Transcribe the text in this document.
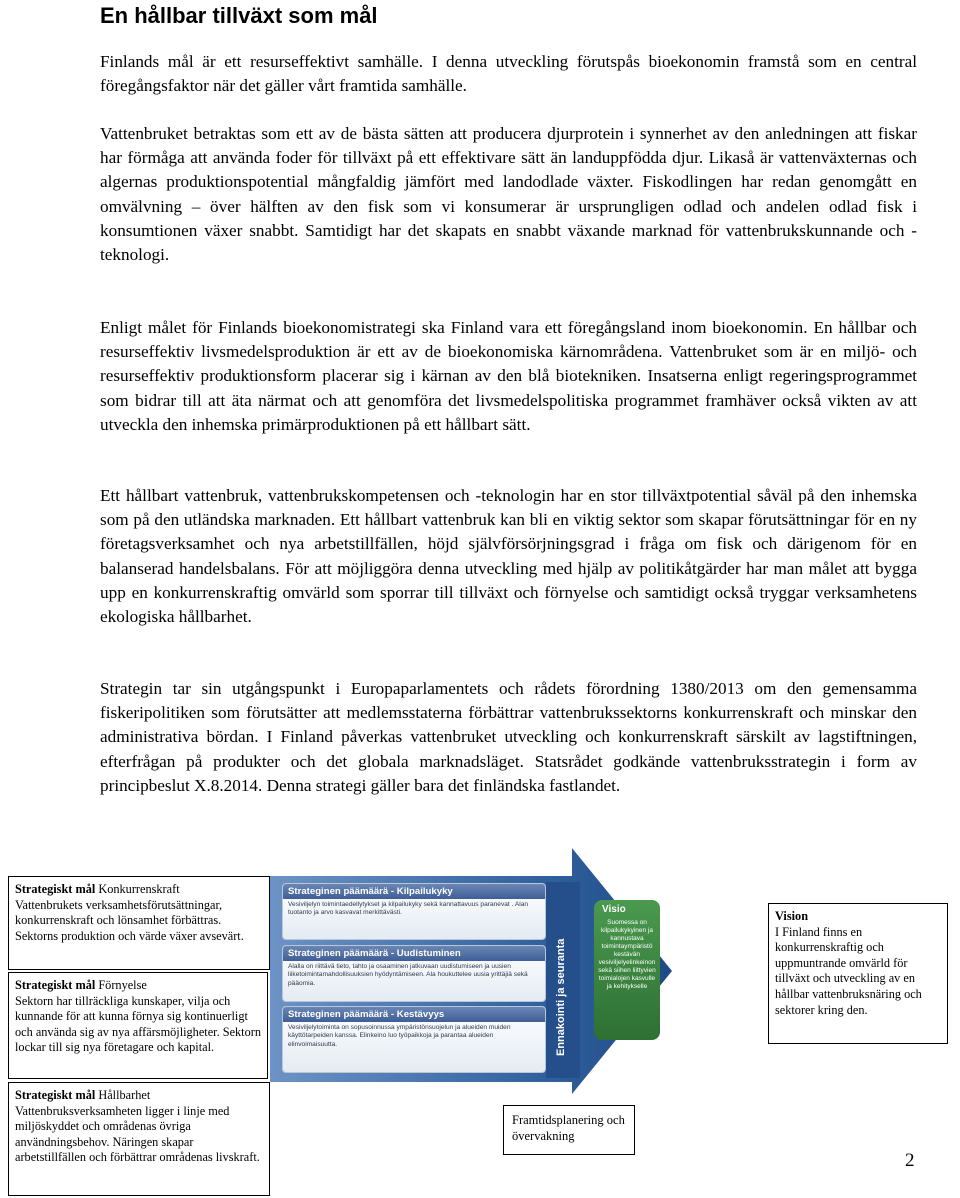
En hållbar tillväxt som mål

Finlands mål är ett resurseffektivt samhälle. I denna utveckling förutspås bioekonomin framstå som en central föregångsfaktor när det gäller vårt framtida samhälle.

Vattenbruket betraktas som ett av de bästa sätten att producera djurprotein i synnerhet av den anledningen att fiskar har förmåga att använda foder för tillväxt på ett effektivare sätt än landuppfödda djur. Likaså är vattenväxternas och algernas produktionspotential mångfaldig jämfört med landodlade växter. Fiskodlingen har redan genomgått en omvälvning – över hälften av den fisk som vi konsumerar är ursprungligen odlad och andelen odlad fisk i konsumtionen växer snabbt. Samtidigt har det skapats en snabbt växande marknad för vattenbrukskunnande och -teknologi.

Enligt målet för Finlands bioekonomistrategi ska Finland vara ett föregångsland inom bioekonomin. En hållbar och resurseffektiv livsmedelsproduktion är ett av de bioekonomiska kärnområdena. Vattenbruket som är en miljö- och resurseffektiv produktionsform placerar sig i kärnan av den blå biotekniken. Insatserna enligt regeringsprogrammet som bidrar till att äta närmat och att genomföra det livsmedelspolitiska programmet framhäver också vikten av att utveckla den inhemska primärproduktionen på ett hållbart sätt.

Ett hållbart vattenbruk, vattenbrukskompetensen och -teknologin har en stor tillväxtpotential såväl på den inhemska som på den utländska marknaden. Ett hållbart vattenbruk kan bli en viktig sektor som skapar förutsättningar för en ny företagsverksamhet och nya arbetstillfällen, höjd självförsörjningsgrad i fråga om fisk och därigenom för en balanserad handelsbalans. För att möjliggöra denna utveckling med hjälp av politikåtgärder har man målet att bygga upp en konkurrenskraftig omvärld som sporrar till tillväxt och förnyelse och samtidigt också tryggar verksamhetens ekologiska hållbarhet.

Strategin tar sin utgångspunkt i Europaparlamentets och rådets förordning 1380/2013 om den gemensamma fiskeripolitiken som förutsätter att medlemsstaterna förbättrar vattenbrukssektorns konkurrenskraft och minskar den administrativa bördan. I Finland påverkas vattenbruket utveckling och konkurrenskraft särskilt av lagstiftningen, efterfrågan på produkter och det globala marknadsläget. Statsrådet godkände vattenbruksstrategin i form av principbeslut X.8.2014. Denna strategi gäller bara det finländska fastlandet.

Strategiskt mål Konkurrenskraft
Vattenbrukets verksamhetsförutsättningar, konkurrenskraft och lönsamhet förbättras. Sektorns produktion och värde växer avsevärt.
Strategiskt mål Förnyelse
Sektorn har tillräckliga kunskaper, vilja och kunnande för att kunna förnya sig kontinuerligt och använda sig av nya affärsmöjligheter. Sektorn lockar till sig nya företagare och kapital.
Strategiskt mål Hållbarhet
Vattenbruksverksamheten ligger i linje med miljöskyddet och områdenas övriga användningsbehov. Näringen skapar arbetstillfällen och förbättrar områdenas livskraft.
Strateginen päämäärä - Kilpailukyky
Vesiviljelyn toimintaedellytykset ja kilpailukyky sekä kannattavuus paranevat . Alan tuotanto ja arvo kasvavat merkittävästi.
Strateginen päämäärä - Uudistuminen
Alalla on riittävä tieto, tahto ja osaaminen jatkuvaan uudistumiseen ja uusien liiketoimintamahdollisuuksien hyödyntämiseen. Ala houkuttelee uusia yrittäjiä sekä pääomia.
Strateginen päämäärä - Kestävyys
Vesiviljelytoiminta on sopusoinnussa ympäristönsuojelun ja alueiden muiden käyttötarpeiden kanssa. Elinkeino luo työpaikkoja ja parantaa alueiden elinvoimaisuutta.	Ennakointi ja seuranta
Visio
Suomessa on kilpailukykyinen ja kannustava toimintaympäristö kestävän vesiviljelyelinkeinon sekä siihen liittyvien toimialojen kasvulle ja kehitykselle
Vision
I Finland finns en konkurrenskraftig och uppmuntrande omvärld för tillväxt och utveckling av en hållbar vattenbruksnäring och sektorer kring den.
Framtidsplanering och övervakning
2
